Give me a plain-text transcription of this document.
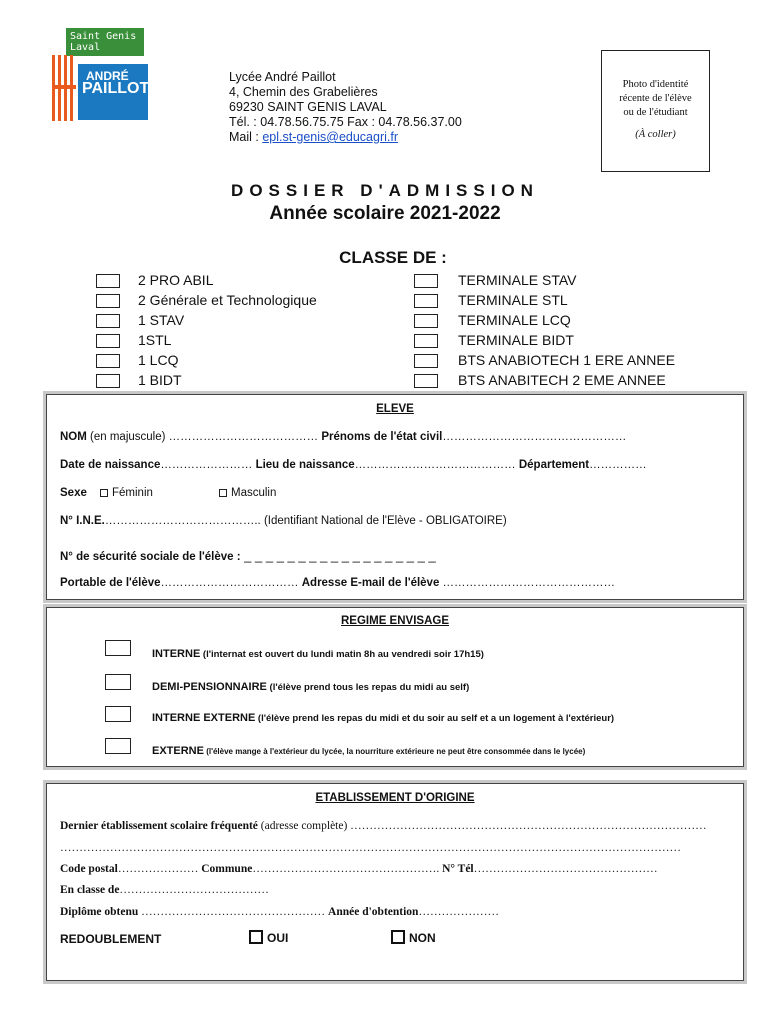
Saint Genis Laval
ANDRÉ
PAILLOT
Lycée André Paillot
4, Chemin des Grabelières
69230 SAINT GENIS LAVAL
Tél. : 04.78.56.75.75 Fax : 04.78.56.37.00
Mail : epl.st-genis@educagri.fr
Photo d'identité
récente de l'élève
ou de l'étudiant
(À coller)
DOSSIER D'ADMISSION
Année scolaire 2021-2022
CLASSE DE :
2 PRO ABIL
2 Générale et Technologique
1 STAV
1STL
1 LCQ
1 BIDT
TERMINALE STAV
TERMINALE STL
TERMINALE LCQ
TERMINALE BIDT
BTS ANABIOTECH 1 ERE ANNEE
BTS ANABITECH 2 EME ANNEE
ELEVE
NOM (en majuscule) ………………………………… Prénoms de l'état civil…………………………………………
Date de naissance…………………… Lieu de naissance…………………………………… Département……………
Sexe	Féminin	Masculin
N° I.N.E.………………………………….. (Identifiant National de l'Elève - OBLIGATOIRE)
N° de sécurité sociale de l'élève : _ _ _ _ _ _ _ _ _ _ _ _ _ _ _ _ _ _
Portable de l'élève……………………………… Adresse E-mail de l'élève ………………………………………
REGIME ENVISAGE
INTERNE (l'internat est ouvert du lundi matin 8h au vendredi soir 17h15)
DEMI-PENSIONNAIRE (l'élève prend tous les repas du midi au self)
INTERNE EXTERNE (l'élève prend les repas du midi et du soir au self et a un logement à l'extérieur)
EXTERNE (l'élève mange à l'extérieur du lycée, la nourriture extérieure ne peut être consommée dans le lycée)
ETABLISSEMENT D'ORIGINE
Dernier établissement scolaire fréquenté (adresse complète) …………………………………………………………………………………
………………………………………………………………………………………………………………………………………………
Code postal………………… Commune…………………………………………. N° Tél…………………………………………
En classe de…………………………………
Diplôme obtenu ………………………………………… Année d'obtention…………………
REDOUBLEMENT	OUI	NON
